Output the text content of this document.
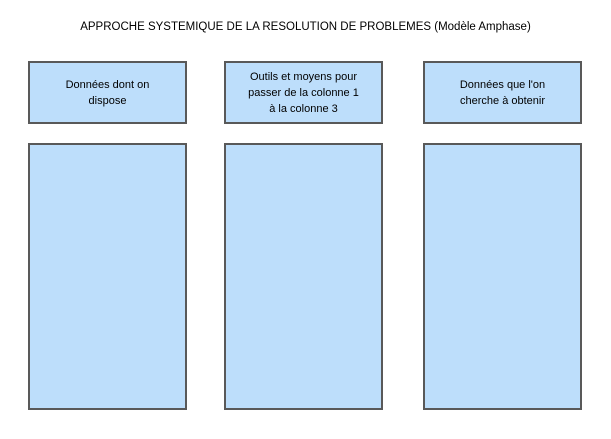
APPROCHE SYSTEMIQUE DE LA RESOLUTION DE PROBLEMES (Modèle Amphase)
Données dont on dispose
Outils et moyens pour passer de la colonne 1 à la colonne 3
Données que l'on cherche à obtenir
